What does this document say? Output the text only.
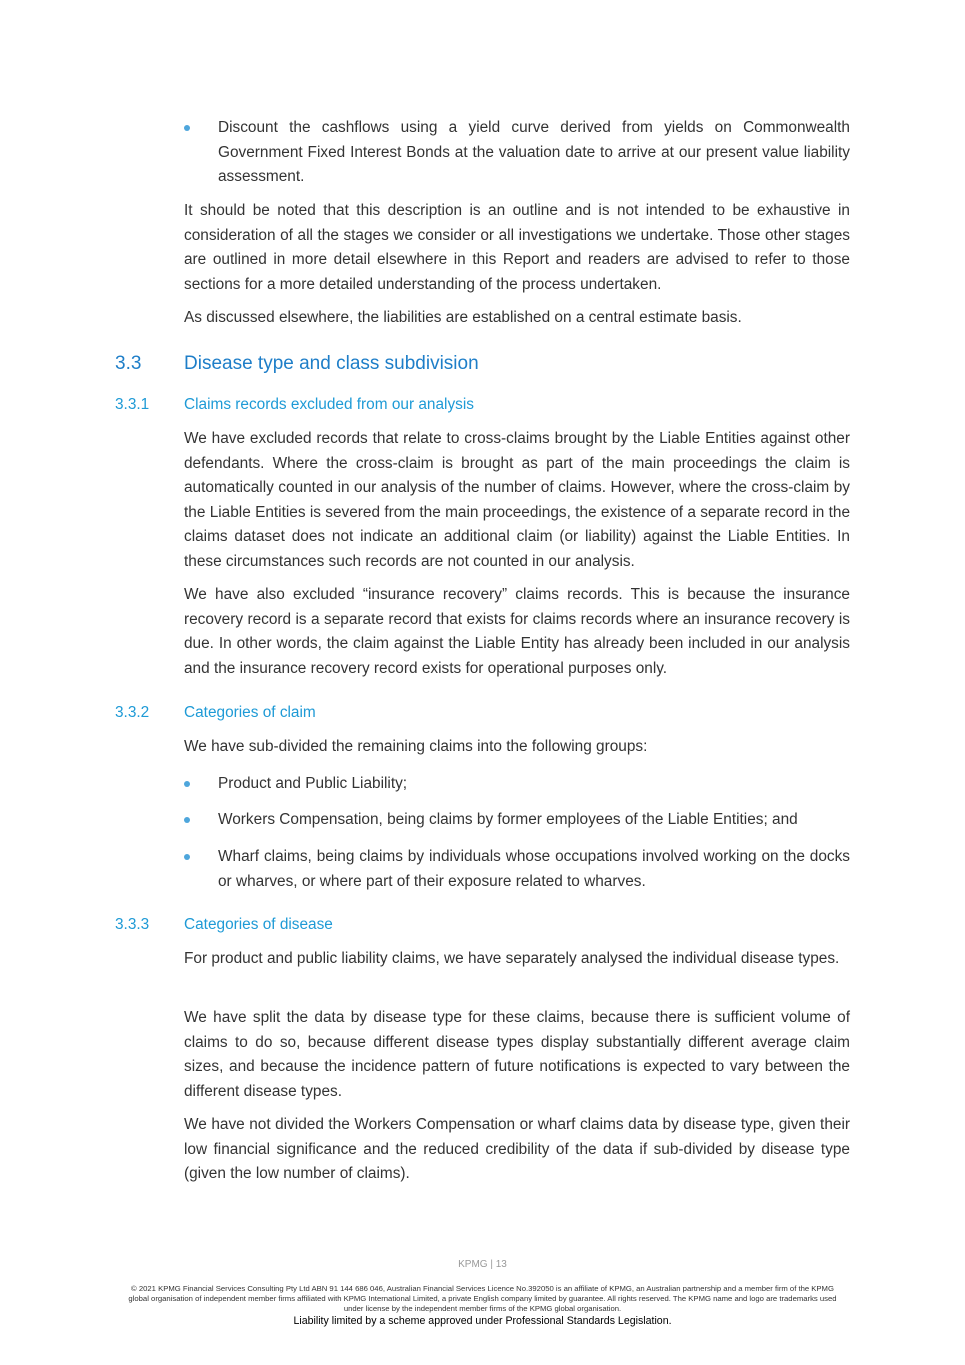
Discount the cashflows using a yield curve derived from yields on Commonwealth Government Fixed Interest Bonds at the valuation date to arrive at our present value liability assessment.

It should be noted that this description is an outline and is not intended to be exhaustive in consideration of all the stages we consider or all investigations we undertake. Those other stages are outlined in more detail elsewhere in this Report and readers are advised to refer to those sections for a more detailed understanding of the process undertaken.

As discussed elsewhere, the liabilities are established on a central estimate basis.

3.3 Disease type and class subdivision
3.3.1 Claims records excluded from our analysis

We have excluded records that relate to cross-claims brought by the Liable Entities against other defendants. Where the cross-claim is brought as part of the main proceedings the claim is automatically counted in our analysis of the number of claims. However, where the cross-claim by the Liable Entities is severed from the main proceedings, the existence of a separate record in the claims dataset does not indicate an additional claim (or liability) against the Liable Entities. In these circumstances such records are not counted in our analysis.

We have also excluded “insurance recovery” claims records. This is because the insurance recovery record is a separate record that exists for claims records where an insurance recovery is due. In other words, the claim against the Liable Entity has already been included in our analysis and the insurance recovery record exists for operational purposes only.

3.3.2 Categories of claim

We have sub-divided the remaining claims into the following groups:

Product and Public Liability;
Workers Compensation, being claims by former employees of the Liable Entities; and
Wharf claims, being claims by individuals whose occupations involved working on the docks or wharves, or where part of their exposure related to wharves.
3.3.3 Categories of disease

For product and public liability claims, we have separately analysed the individual disease types.

We have split the data by disease type for these claims, because there is sufficient volume of claims to do so, because different disease types display substantially different average claim sizes, and because the incidence pattern of future notifications is expected to vary between the different disease types.

We have not divided the Workers Compensation or wharf claims data by disease type, given their low financial significance and the reduced credibility of the data if sub-divided by disease type (given the low number of claims).

KPMG | 13
© 2021 KPMG Financial Services Consulting Pty Ltd ABN 91 144 686 046, Australian Financial Services Licence No.392050 is an affiliate of KPMG, an Australian partnership and a member firm of the KPMG global organisation of independent member firms affiliated with KPMG International Limited, a private English company limited by guarantee. All rights reserved. The KPMG name and logo are trademarks used under license by the independent member firms of the KPMG global organisation.
Liability limited by a scheme approved under Professional Standards Legislation.
